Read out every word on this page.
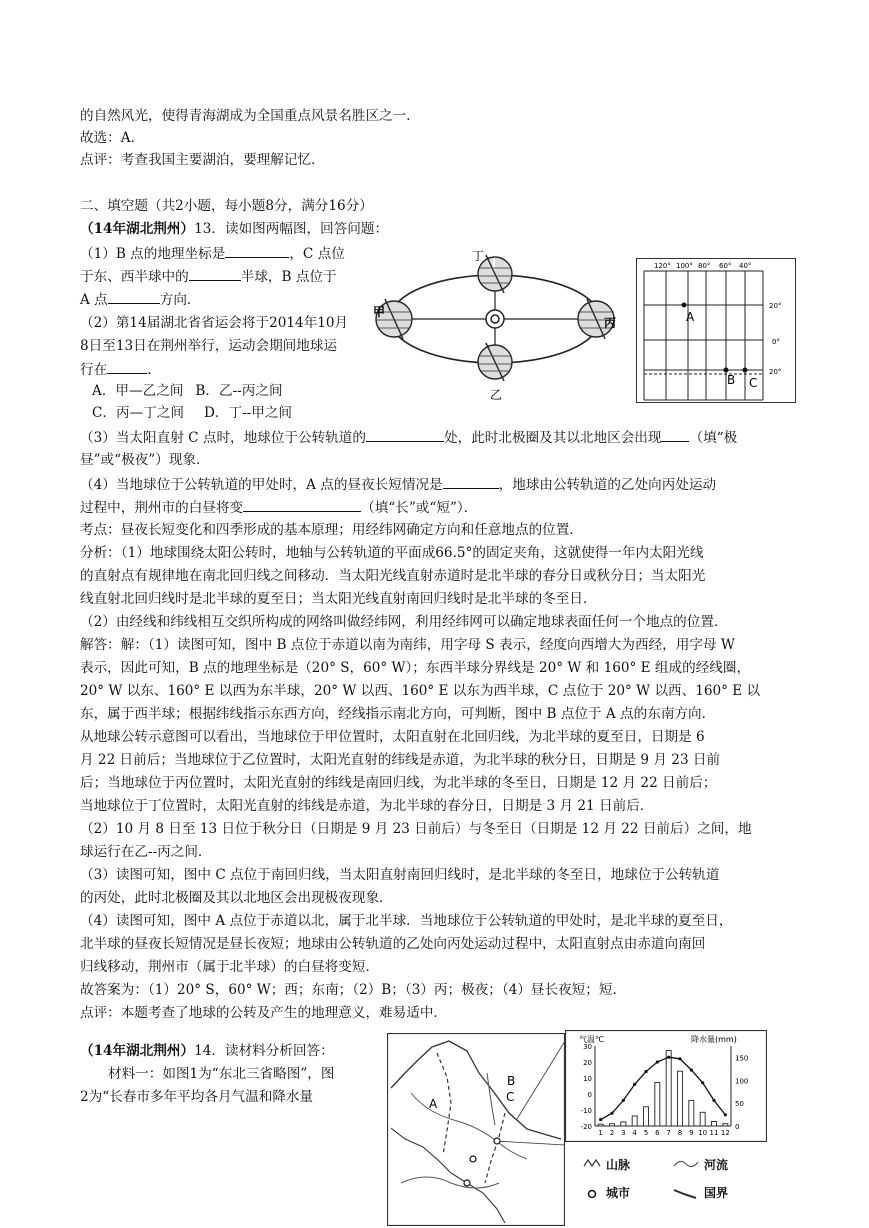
的自然风光，使得青海湖成为全国重点风景名胜区之一．
故选：A．
点评：考查我国主要湖泊，要理解记忆．
二、填空题（共2小题，每小题8分，满分16分）
（14年湖北荆州）13．读如图两幅图，回答问题：
（1）B 点的地理坐标是	，C 点位
于东、西半球中的	半球，B 点位于
A 点	方向．
（2）第14届湖北省省运会将于2014年10月
8日至13日在荆州举行，运动会期间地球运
行在	．
A．甲—乙之间 B．乙--丙之间
C．丙—丁之间 D．丁--甲之间
（3）当太阳直射 C 点时，地球位于公转轨道的	处，此时北极圈及其以北地区会出现 （填“极
昼”或“极夜”）现象．
（4）当地球位于公转轨道的甲处时，A 点的昼夜长短情况是	，地球由公转轨道的乙处向丙处运动
过程中，荆州市的白昼将变	（填“长”或“短”）．
考点：昼夜长短变化和四季形成的基本原理；用经纬网确定方向和任意地点的位置．
分析：（1）地球围绕太阳公转时，地轴与公转轨道的平面成66.5°的固定夹角，这就使得一年内太阳光线
的直射点有规律地在南北回归线之间移动．当太阳光线直射赤道时是北半球的春分日或秋分日；当太阳光
线直射北回归线时是北半球的夏至日；当太阳光线直射南回归线时是北半球的冬至日．
（2）由经线和纬线相互交织所构成的网络叫做经纬网，利用经纬网可以确定地球表面任何一个地点的位置．
解答：解：（1）读图可知，图中 B 点位于赤道以南为南纬，用字母 S 表示，经度向西增大为西经，用字母 W
表示，因此可知，B 点的地理坐标是（20° S，60° W）；东西半球分界线是 20° W 和 160° E 组成的经线圈，
20° W 以东、160° E 以西为东半球，20° W 以西、160° E 以东为西半球，C 点位于 20° W 以西、160° E 以
东，属于西半球；根据纬线指示东西方向，经线指示南北方向，可判断，图中 B 点位于 A 点的东南方向．
从地球公转示意图可以看出，当地球位于甲位置时，太阳直射在北回归线，为北半球的夏至日，日期是 6
月 22 日前后；当地球位于乙位置时，太阳光直射的纬线是赤道，为北半球的秋分日，日期是 9 月 23 日前
后；当地球位于丙位置时，太阳光直射的纬线是南回归线，为北半球的冬至日，日期是 12 月 22 日前后；
当地球位于丁位置时，太阳光直射的纬线是赤道，为北半球的春分日，日期是 3 月 21 日前后．
（2）10 月 8 日至 13 日位于秋分日（日期是 9 月 23 日前后）与冬至日（日期是 12 月 22 日前后）之间，地
球运行在乙--丙之间．
（3）读图可知，图中 C 点位于南回归线，当太阳直射南回归线时，是北半球的冬至日，地球位于公转轨道
的丙处，此时北极圈及其以北地区会出现极夜现象．
（4）读图可知，图中 A 点位于赤道以北，属于北半球．当地球位于公转轨道的甲处时，是北半球的夏至日，
北半球的昼夜长短情况是昼长夜短；地球由公转轨道的乙处向丙处运动过程中，太阳直射点由赤道向南回
归线移动，荆州市（属于北半球）的白昼将变短．
故答案为：（1）20° S，60° W；西；东南；（2）B；（3）丙；极夜；（4）昼长夜短；短．
点评：本题考查了地球的公转及产生的地理意义，难易适中．
（14年湖北荆州）14．读材料分析回答：
材料一：如图1为“东北三省略图”，图
2为“长春市多年平均各月气温和降水量
丁
甲
乙
丙
120° 100° 80° 60° 40°
20°
0°
20°
A
B C
A
B
C
气温℃	降水量(mm)
30
20
10
0
-10
-20
150
100
50
0
1 2 3 4 5 6 7 8 9 10 11 12
山脉	河流
城市	国界
